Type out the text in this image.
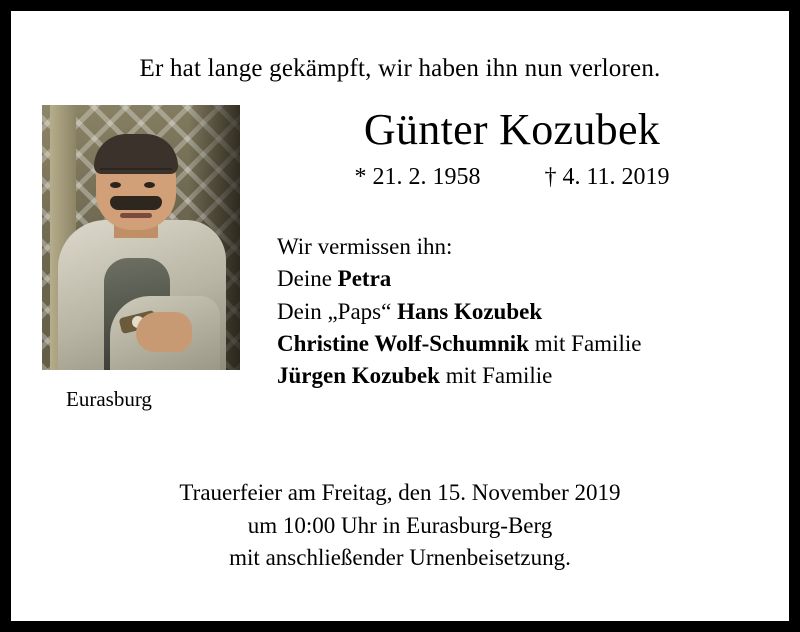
Er hat lange gekämpft, wir haben ihn nun verloren.
Eurasburg
Günter Kozubek
* 21. 2. 1958	† 4. 11. 2019
Wir vermissen ihn:
Deine Petra
Dein „Paps“ Hans Kozubek
Christine Wolf-Schumnik mit Familie
Jürgen Kozubek mit Familie
Trauerfeier am Freitag, den 15. November 2019
um 10:00 Uhr in Eurasburg-Berg
mit anschließender Urnenbeisetzung.
